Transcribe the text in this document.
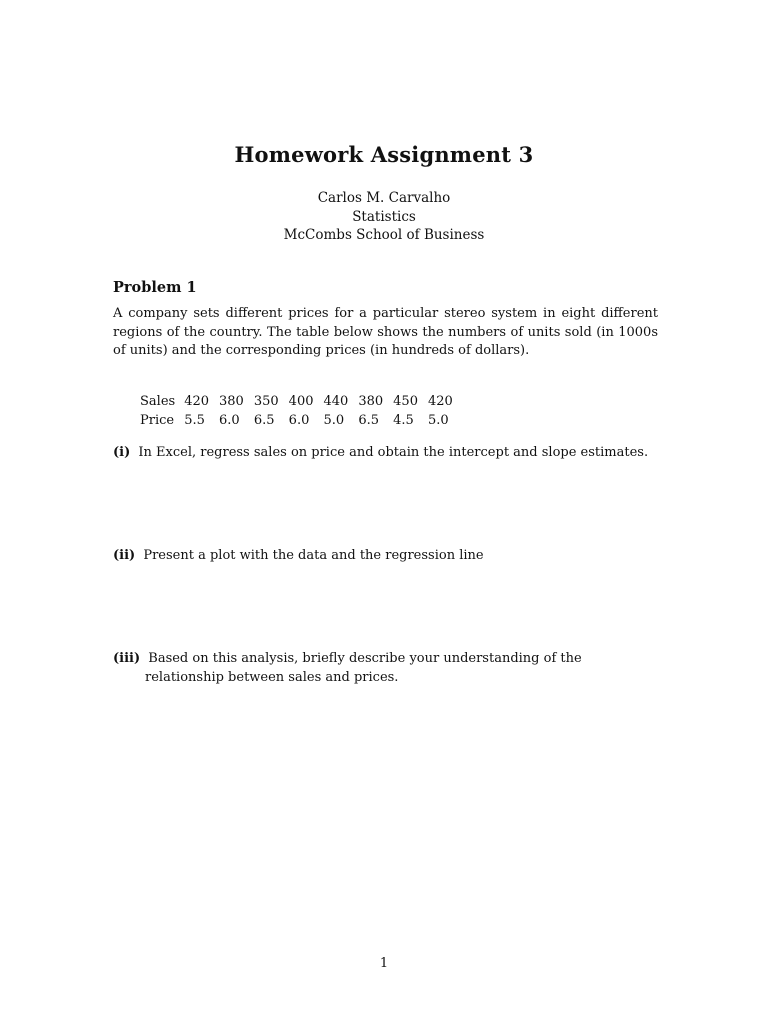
Homework Assignment 3
Carlos M. Carvalho
Statistics
McCombs School of Business
Problem 1
A company sets different prices for a particular stereo system in eight different regions of the country. The table below shows the numbers of units sold (in 1000s of units) and the corresponding prices (in hundreds of dollars).
Sales	420	380	350	400	440	380	450	420
Price	5.5	6.0	6.5	6.0	5.0	6.5	4.5	5.0
(i) In Excel, regress sales on price and obtain the intercept and slope estimates.
(ii) Present a plot with the data and the regression line
(iii) Based on this analysis, briefly describe your understanding of the relationship between sales and prices.
1
